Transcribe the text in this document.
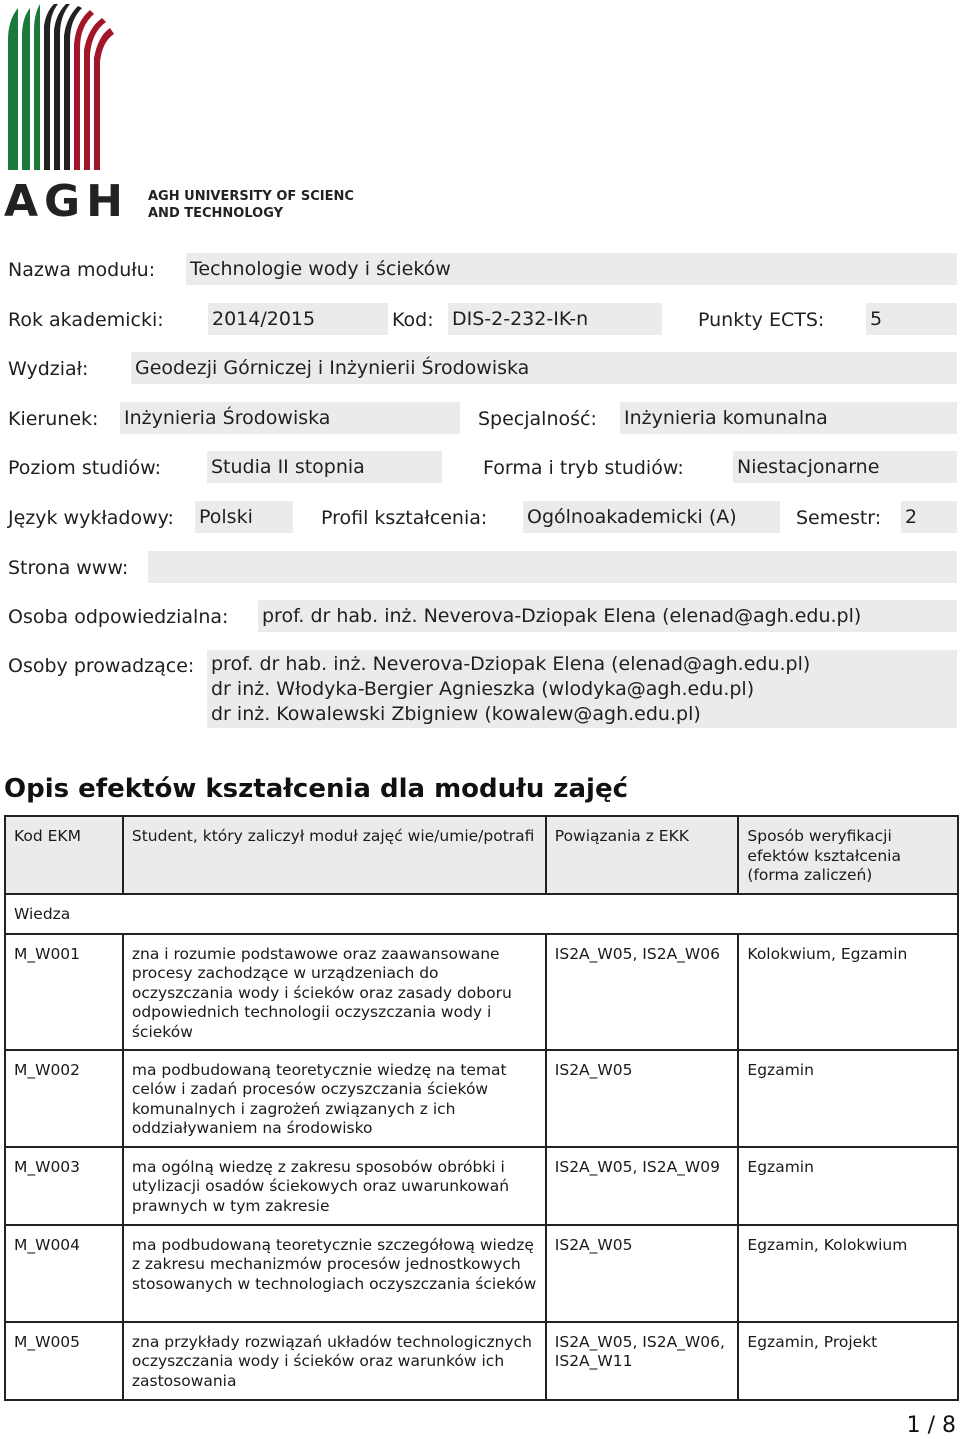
AGH AGH UNIVERSITY OF SCIENCE
AND TECHNOLOGY
Nazwa modułu: Technologie wody i ścieków
Rok akademicki:	2014/2015	Kod: DIS-2-232-IK-n	Punkty ECTS: 5
Wydział: Geodezji Górniczej i Inżynierii Środowiska
Kierunek: Inżynieria Środowiska	Specjalność: Inżynieria komunalna
Poziom studiów:	Studia II stopnia	Forma i tryb studiów:	Niestacjonarne
Język wykładowy: Polski	Profil kształcenia: Ogólnoakademicki (A)	Semestr: 2
Strona www:
Osoba odpowiedzialna: prof. dr hab. inż. Neverova-Dziopak Elena (elenad@agh.edu.pl)
Osoby prowadzące: prof. dr hab. inż. Neverova-Dziopak Elena (elenad@agh.edu.pl)
dr inż. Włodyka-Bergier Agnieszka (wlodyka@agh.edu.pl)
dr inż. Kowalewski Zbigniew (kowalew@agh.edu.pl)
Opis efektów kształcenia dla modułu zajęć
Kod EKM	Student, który zaliczył moduł zajęć wie/umie/potrafi	Powiązania z EKK	Sposób weryfikacji efektów kształcenia (forma zaliczeń)
Wiedza			
M_W001	zna i rozumie podstawowe oraz zaawansowane procesy zachodzące w urządzeniach do oczyszczania wody i ścieków oraz zasady doboru odpowiednich technologii oczyszczania wody i ścieków	IS2A_W05, IS2A_W06	Kolokwium, Egzamin
M_W002	ma podbudowaną teoretycznie wiedzę na temat celów i zadań procesów oczyszczania ścieków komunalnych i zagrożeń związanych z ich oddziaływaniem na środowisko	IS2A_W05	Egzamin
M_W003	ma ogólną wiedzę z zakresu sposobów obróbki i utylizacji osadów ściekowych oraz uwarunkowań prawnych w tym zakresie	IS2A_W05, IS2A_W09	Egzamin
M_W004	ma podbudowaną teoretycznie szczegółową wiedzę z zakresu mechanizmów procesów jednostkowych stosowanych w technologiach oczyszczania ścieków	IS2A_W05	Egzamin, Kolokwium
M_W005	zna przykłady rozwiązań układów technologicznych oczyszczania wody i ścieków oraz warunków ich zastosowania	IS2A_W05, IS2A_W06, IS2A_W11	Egzamin, Projekt
1 / 8
